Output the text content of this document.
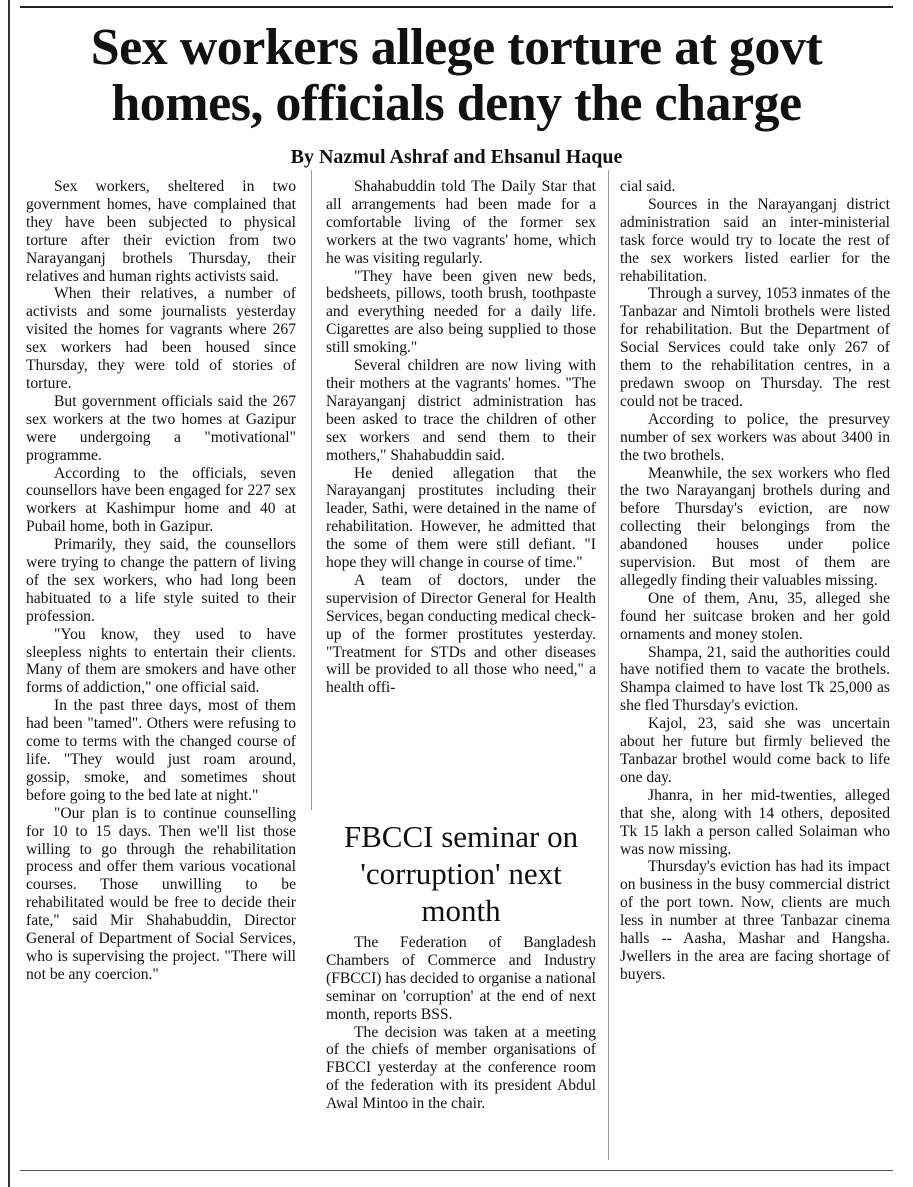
Sex workers allege torture at govt homes, officials deny the charge
By Nazmul Ashraf and Ehsanul Haque

Sex workers, sheltered in two government homes, have complained that they have been subjected to physical torture after their eviction from two Narayanganj brothels Thursday, their relatives and human rights activists said.

When their relatives, a number of activists and some journalists yesterday visited the homes for vagrants where 267 sex workers had been housed since Thursday, they were told of stories of torture.

But government officials said the 267 sex workers at the two homes at Gazipur were undergoing a "motivational" programme.

According to the officials, seven counsellors have been engaged for 227 sex workers at Kashimpur home and 40 at Pubail home, both in Gazipur.

Primarily, they said, the counsellors were trying to change the pattern of living of the sex workers, who had long been habituated to a life style suited to their profession.

"You know, they used to have sleepless nights to entertain their clients. Many of them are smokers and have other forms of addiction," one official said.

In the past three days, most of them had been "tamed". Others were refusing to come to terms with the changed course of life. "They would just roam around, gossip, smoke, and sometimes shout before going to the bed late at night."

"Our plan is to continue counselling for 10 to 15 days. Then we'll list those willing to go through the rehabilitation process and offer them various vocational courses. Those unwilling to be rehabilitated would be free to decide their fate," said Mir Shahabuddin, Director General of Department of Social Services, who is supervising the project. "There will not be any coercion."

Shahabuddin told The Daily Star that all arrangements had been made for a comfortable living of the former sex workers at the two vagrants' home, which he was visiting regularly.

"They have been given new beds, bedsheets, pillows, tooth brush, toothpaste and everything needed for a daily life. Cigarettes are also being supplied to those still smoking."

Several children are now living with their mothers at the vagrants' homes. "The Narayanganj district administration has been asked to trace the children of other sex workers and send them to their mothers," Shahabuddin said.

He denied allegation that the Narayanganj prostitutes including their leader, Sathi, were detained in the name of rehabilitation. However, he admitted that the some of them were still defiant. "I hope they will change in course of time."

A team of doctors, under the supervision of Director General for Health Services, began conducting medical check-up of the former prostitutes yesterday. "Treatment for STDs and other diseases will be provided to all those who need," a health offi-

FBCCI seminar on 'corruption' next month

The Federation of Bangladesh Chambers of Commerce and Industry (FBCCI) has decided to organise a national seminar on 'corruption' at the end of next month, reports BSS.

The decision was taken at a meeting of the chiefs of member organisations of FBCCI yesterday at the conference room of the federation with its president Abdul Awal Mintoo in the chair.

cial said.

Sources in the Narayanganj district administration said an inter-ministerial task force would try to locate the rest of the sex workers listed earlier for the rehabilitation.

Through a survey, 1053 inmates of the Tanbazar and Nimtoli brothels were listed for rehabilitation. But the Department of Social Services could take only 267 of them to the rehabilitation centres, in a predawn swoop on Thursday. The rest could not be traced.

According to police, the presurvey number of sex workers was about 3400 in the two brothels.

Meanwhile, the sex workers who fled the two Narayanganj brothels during and before Thursday's eviction, are now collecting their belongings from the abandoned houses under police supervision. But most of them are allegedly finding their valuables missing.

One of them, Anu, 35, alleged she found her suitcase broken and her gold ornaments and money stolen.

Shampa, 21, said the authorities could have notified them to vacate the brothels. Shampa claimed to have lost Tk 25,000 as she fled Thursday's eviction.

Kajol, 23, said she was uncertain about her future but firmly believed the Tanbazar brothel would come back to life one day.

Jhanra, in her mid-twenties, alleged that she, along with 14 others, deposited Tk 15 lakh a person called Solaiman who was now missing.

Thursday's eviction has had its impact on business in the busy commercial district of the port town. Now, clients are much less in number at three Tanbazar cinema halls -- Aasha, Mashar and Hangsha. Jwellers in the area are facing shortage of buyers.
